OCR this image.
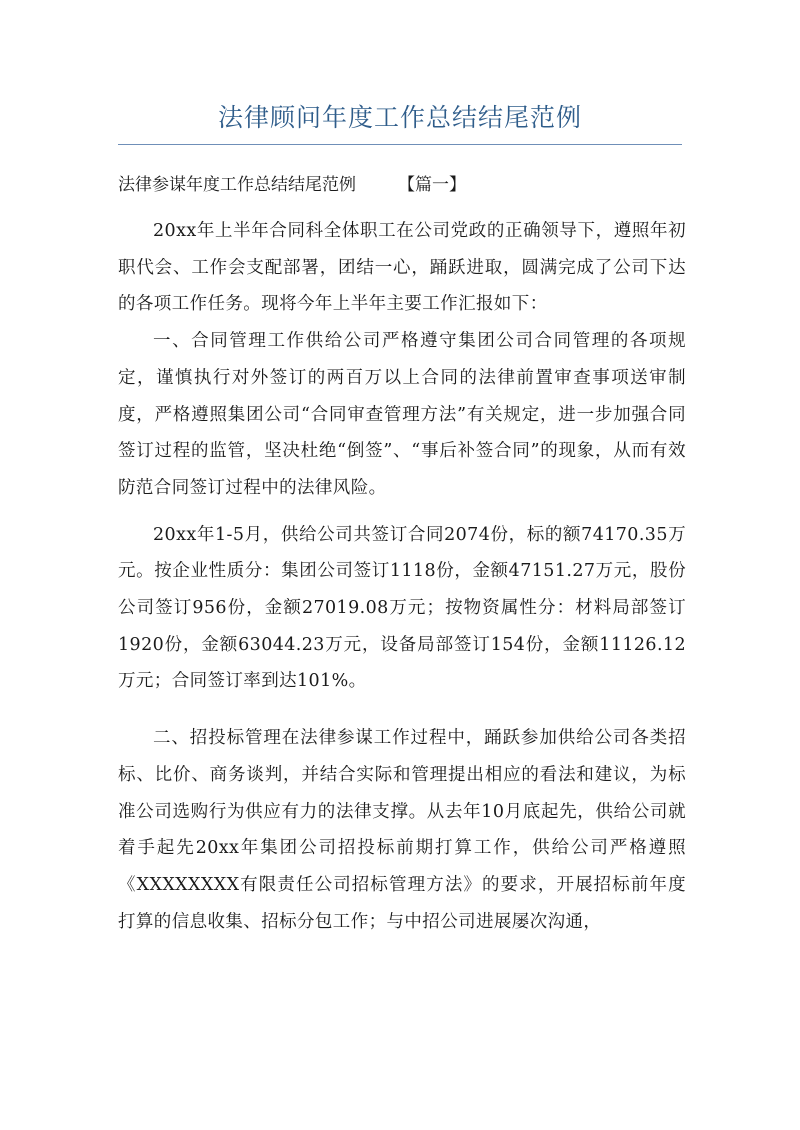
法律顾问年度工作总结结尾范例
法律参谋年度工作总结结尾范例 【篇一】

20xx年上半年合同科全体职工在公司党政的正确领导下，遵照年初职代会、工作会支配部署，团结一心，踊跃进取，圆满完成了公司下达的各项工作任务。现将今年上半年主要工作汇报如下：

一、合同管理工作供给公司严格遵守集团公司合同管理的各项规定，谨慎执行对外签订的两百万以上合同的法律前置审查事项送审制度，严格遵照集团公司“合同审查管理方法”有关规定，进一步加强合同签订过程的监管，坚决杜绝“倒签”、“事后补签合同”的现象，从而有效防范合同签订过程中的法律风险。

20xx年1-5月，供给公司共签订合同2074份，标的额74170.35万元。按企业性质分：集团公司签订1118份，金额47151.27万元，股份公司签订956份，金额27019.08万元；按物资属性分：材料局部签订1920份，金额63044.23万元，设备局部签订154份，金额11126.12万元；合同签订率到达101%。

二、招投标管理在法律参谋工作过程中，踊跃参加供给公司各类招标、比价、商务谈判，并结合实际和管理提出相应的看法和建议，为标准公司选购行为供应有力的法律支撑。从去年10月底起先，供给公司就着手起先20xx年集团公司招投标前期打算工作，供给公司严格遵照《XXXXXXXX有限责任公司招标管理方法》的要求，开展招标前年度打算的信息收集、招标分包工作；与中招公司进展屡次沟通，
